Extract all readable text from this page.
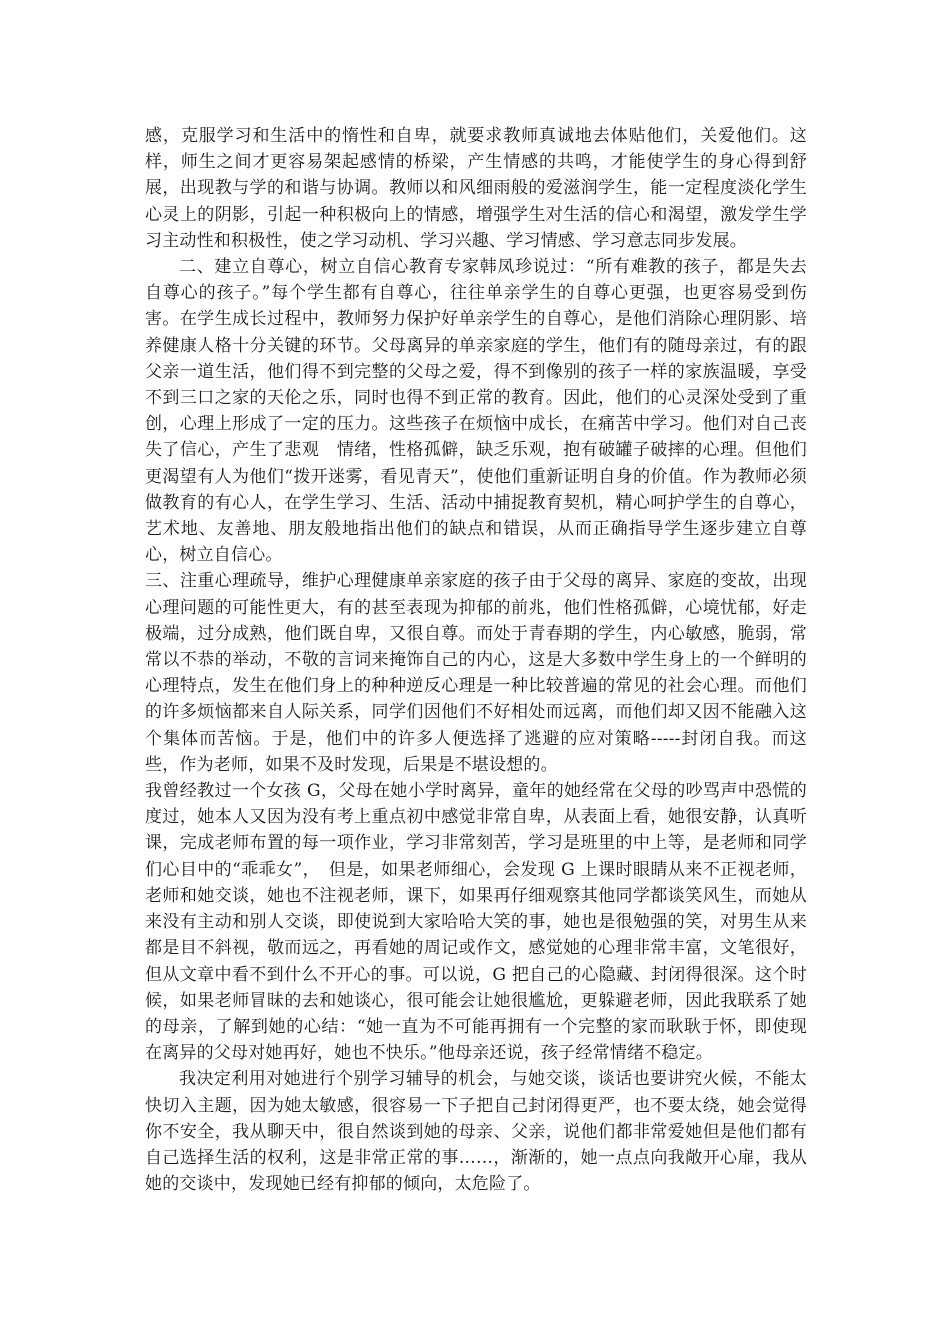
感，克服学习和生活中的惰性和自卑，就要求教师真诚地去体贴他们，关爱他们。这样，师生之间才更容易架起感情的桥梁，产生情感的共鸣，才能使学生的身心得到舒展，出现教与学的和谐与协调。教师以和风细雨般的爱滋润学生，能一定程度淡化学生心灵上的阴影，引起一种积极向上的情感，增强学生对生活的信心和渴望，激发学生学习主动性和积极性，使之学习动机、学习兴趣、学习情感、学习意志同步发展。

二、建立自尊心，树立自信心教育专家韩凤珍说过：“所有难教的孩子，都是失去自尊心的孩子。”每个学生都有自尊心，往往单亲学生的自尊心更强，也更容易受到伤害。在学生成长过程中，教师努力保护好单亲学生的自尊心，是他们消除心理阴影、培养健康人格十分关键的环节。父母离异的单亲家庭的学生，他们有的随母亲过，有的跟父亲一道生活，他们得不到完整的父母之爱，得不到像别的孩子一样的家族温暖，享受不到三口之家的天伦之乐，同时也得不到正常的教育。因此，他们的心灵深处受到了重创，心理上形成了一定的压力。这些孩子在烦恼中成长，在痛苦中学习。他们对自己丧失了信心，产生了悲观　情绪，性格孤僻，缺乏乐观，抱有破罐子破摔的心理。但他们更渴望有人为他们“拨开迷雾，看见青天”，使他们重新证明自身的价值。作为教师必须做教育的有心人，在学生学习、生活、活动中捕捉教育契机，精心呵护学生的自尊心，艺术地、友善地、朋友般地指出他们的缺点和错误，从而正确指导学生逐步建立自尊心，树立自信心。

三、注重心理疏导，维护心理健康单亲家庭的孩子由于父母的离异、家庭的变故，出现心理问题的可能性更大，有的甚至表现为抑郁的前兆，他们性格孤僻，心境忧郁，好走极端，过分成熟，他们既自卑，又很自尊。而处于青春期的学生，内心敏感，脆弱，常常以不恭的举动，不敬的言词来掩饰自己的内心，这是大多数中学生身上的一个鲜明的心理特点，发生在他们身上的种种逆反心理是一种比较普遍的常见的社会心理。而他们的许多烦恼都来自人际关系，同学们因他们不好相处而远离，而他们却又因不能融入这个集体而苦恼。于是，他们中的许多人便选择了逃避的应对策略-----封闭自我。而这些，作为老师，如果不及时发现，后果是不堪设想的。

我曾经教过一个女孩 G，父母在她小学时离异，童年的她经常在父母的吵骂声中恐慌的度过，她本人又因为没有考上重点初中感觉非常自卑，从表面上看，她很安静，认真听课，完成老师布置的每一项作业，学习非常刻苦，学习是班里的中上等，是老师和同学们心目中的“乖乖女”，　但是，如果老师细心，会发现 G 上课时眼睛从来不正视老师，老师和她交谈，她也不注视老师，课下，如果再仔细观察其他同学都谈笑风生，而她从来没有主动和别人交谈，即使说到大家哈哈大笑的事，她也是很勉强的笑，对男生从来都是目不斜视，敬而远之，再看她的周记或作文，感觉她的心理非常丰富，文笔很好，但从文章中看不到什么不开心的事。可以说，G 把自己的心隐藏、封闭得很深。这个时候，如果老师冒昧的去和她谈心，很可能会让她很尴尬，更躲避老师，因此我联系了她的母亲，了解到她的心结：“她一直为不可能再拥有一个完整的家而耿耿于怀，即使现在离异的父母对她再好，她也不快乐。”他母亲还说，孩子经常情绪不稳定。

我决定利用对她进行个别学习辅导的机会，与她交谈，谈话也要讲究火候，不能太快切入主题，因为她太敏感，很容易一下子把自己封闭得更严，也不要太绕，她会觉得你不安全，我从聊天中，很自然谈到她的母亲、父亲，说他们都非常爱她但是他们都有自己选择生活的权利，这是非常正常的事……，渐渐的，她一点点向我敞开心扉，我从她的交谈中，发现她已经有抑郁的倾向，太危险了。
